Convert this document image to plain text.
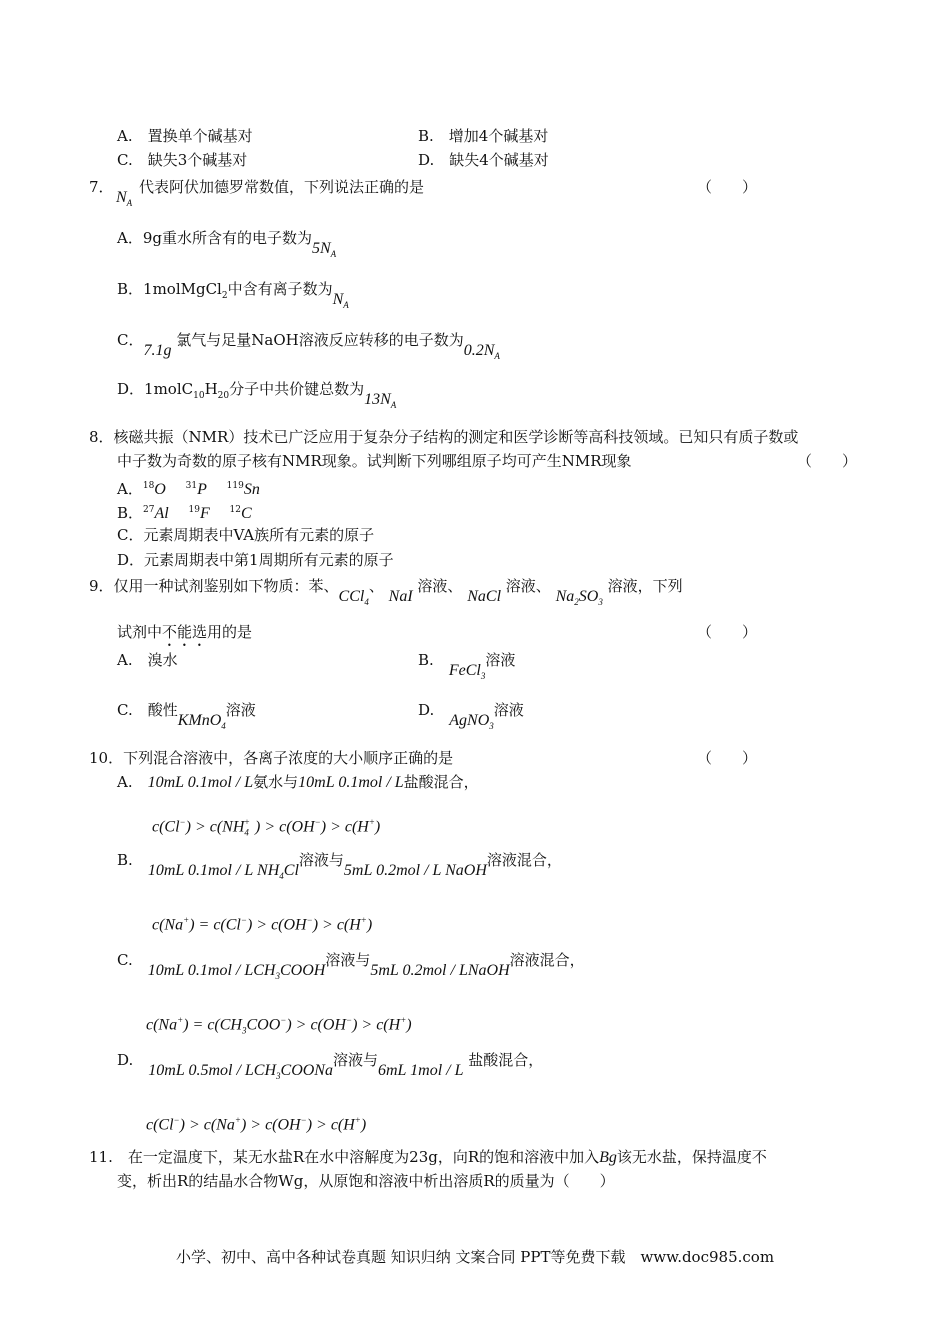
A.　置换单个碱基对	B.　增加4个碱基对
C.　缺失3个碱基对	D.　缺失4个碱基对
7．
$N_A$
代表阿伏加德罗常数值，下列说法正确的是	（　　）
A．9g重水所含有的电子数为$5N_A$
B．1molMgCl$_2$中含有离子数为$N_A$
C．7.1g 氯气与足量NaOH溶液反应转移的电子数为$0.2N_A$
D．$1molC_{10}H_{20}$分子中共价键总数为$13N_A$
8．核磁共振（NMR）技术已广泛应用于复杂分子结构的测定和医学诊断等高科技领域。已知只有质子数或
中子数为奇数的原子核有NMR现象。试判断下列哪组原子均可产生NMR现象	（　　）
A．$^{18}$O　 $^{31}$P　 $^{119}$Sn
B．$^{27}$Al　 $^{19}$F　 $^{12}$C
C．元素周期表中VA族所有元素的原子
D．元素周期表中第1周期所有元素的原子
9．仅用一种试剂鉴别如下物质：苯、CCl$_4$、 NaI 溶液、 NaCl 溶液、 $Na_2SO_3$ 溶液，下列
试剂中不能选用的是	（　　）
A.　溴水	B.　FeCl$_3$溶液
C.　酸性KMnO$_4$溶液	D.　AgNO$_3$溶液
10．下列混合溶液中，各离子浓度的大小顺序正确的是	（　　）
A.　 10mL 0.1mol / L氨水与10mL 0.1mol / L盐酸混合，
$c(Cl^-) > c(NH_4^+$ ) > c(OH−) > c(H+)
B.　10mL 0.1mol / L $NH_4Cl$溶液与5mL 0.2mol / L NaOH溶液混合，
c(Na+) = c(Cl−) > c(OH−) > c(H+)
C.　10mL $0.1mol / LCH_3COOH$溶液与5mL 0.2mol / LNaOH溶液混合，
$c(Na^+) = c(CH_3COO^-) > c(OH^-) > c(H^+)$
D.　10mL $0.5mol / LCH_3COONa$溶液与6mL 1mol / L 盐酸混合，
c(Cl−) > c(Na+) > c(OH−) > c(H+)
11.　在一定温度下，某无水盐R在水中溶解度为23g，向R的饱和溶液中加入Bg该无水盐，保持温度不
变，析出R的结晶水合物Wg，从原饱和溶液中析出溶质R的质量为（　　）
小学、初中、高中各种试卷真题 知识归纳 文案合同 PPT等免费下载　www.doc985.com
